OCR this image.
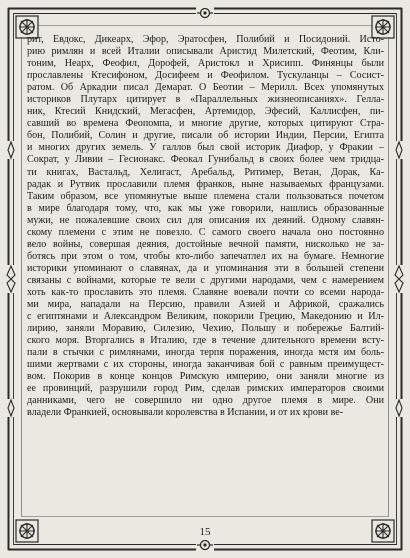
рит, Евдокс, Дикеарх, Эфор, Эратосфен, Полибий и Посидоний. Исто-
рию римлян и всей Италии описывали Аристид Милетский, Феотим, Кли-
тоним, Неарх, Феофил, Дорофей, Аристокл и Хрисипп. Финянцы были
прославлены Ктесифоном, Досифеем и Феофилом. Тускуланцы – Сосист-
ратом. Об Аркадии писал Демарат. О Беотии – Мерилл. Всех упомянутых
историков Плутарх цитирует в «Параллельных жизнеописаниях». Гелла-
ник, Ктесий Книдский, Мегасфен, Артемидор, Эфесий, Каллисфен, пи-
савший во времена Феопомпа, и многие другие, которых цитируют Стра-
бон, Полибий, Солин и другие, писали об истории Индии, Персии, Египта
и многих других земель. У галлов был свой историк Диафор, у Фракии –
Сократ, у Ливии – Гесионакс. Феокал Гунибальд в своих более чем тридца-
ти книгах, Вастальд, Хелигаст, Аребальд, Ритимер, Ветан, Дорак, Ка-
радак и Рутвик прославили племя франков, ныне называемых французами.
Таким образом, все упомянутые выше племена стали пользоваться почетом
в мире благодаря тому, что, как мы уже говорили, нашлись образованные
мужи, не пожалевшие своих сил для описания их деяний. Одному славян-
скому племени с этим не повезло. С самого своего начала оно постоянно
вело войны, совершая деяния, достойные вечной памяти, нисколько не за-
ботясь при этом о том, чтобы кто-либо запечатлел их на бумаге. Немногие
историки упоминают о славянах, да и упоминания эти в большей степени
связаны с войнами, которые те вели с другими народами, чем с намерением
хоть как-то прославить это племя. Славяне воевали почти со всеми народа-
ми мира, нападали на Персию, правили Азией и Африкой, сражались
с египтянами и Александром Великим, покорили Грецию, Македонию и Ил-
лирию, заняли Моравию, Силезию, Чехию, Польшу и побережье Балтий-
ского моря. Вторгались в Италию, где в течение длительного времени всту-
пали в стычки с римлянами, иногда терпя поражения, иногда мстя им боль-
шими жертвами с их стороны, иногда заканчивая бой с равным преимущест-
вом. Покорив в конце концов Римскую империю, они заняли многие из
ее провинций, разрушили город Рим, сделав римских императоров своими
данниками, чего не совершило ни одно другое племя в мире. Они
владели Франкией, основывали королевства в Испании, и от их крови ве-
15
